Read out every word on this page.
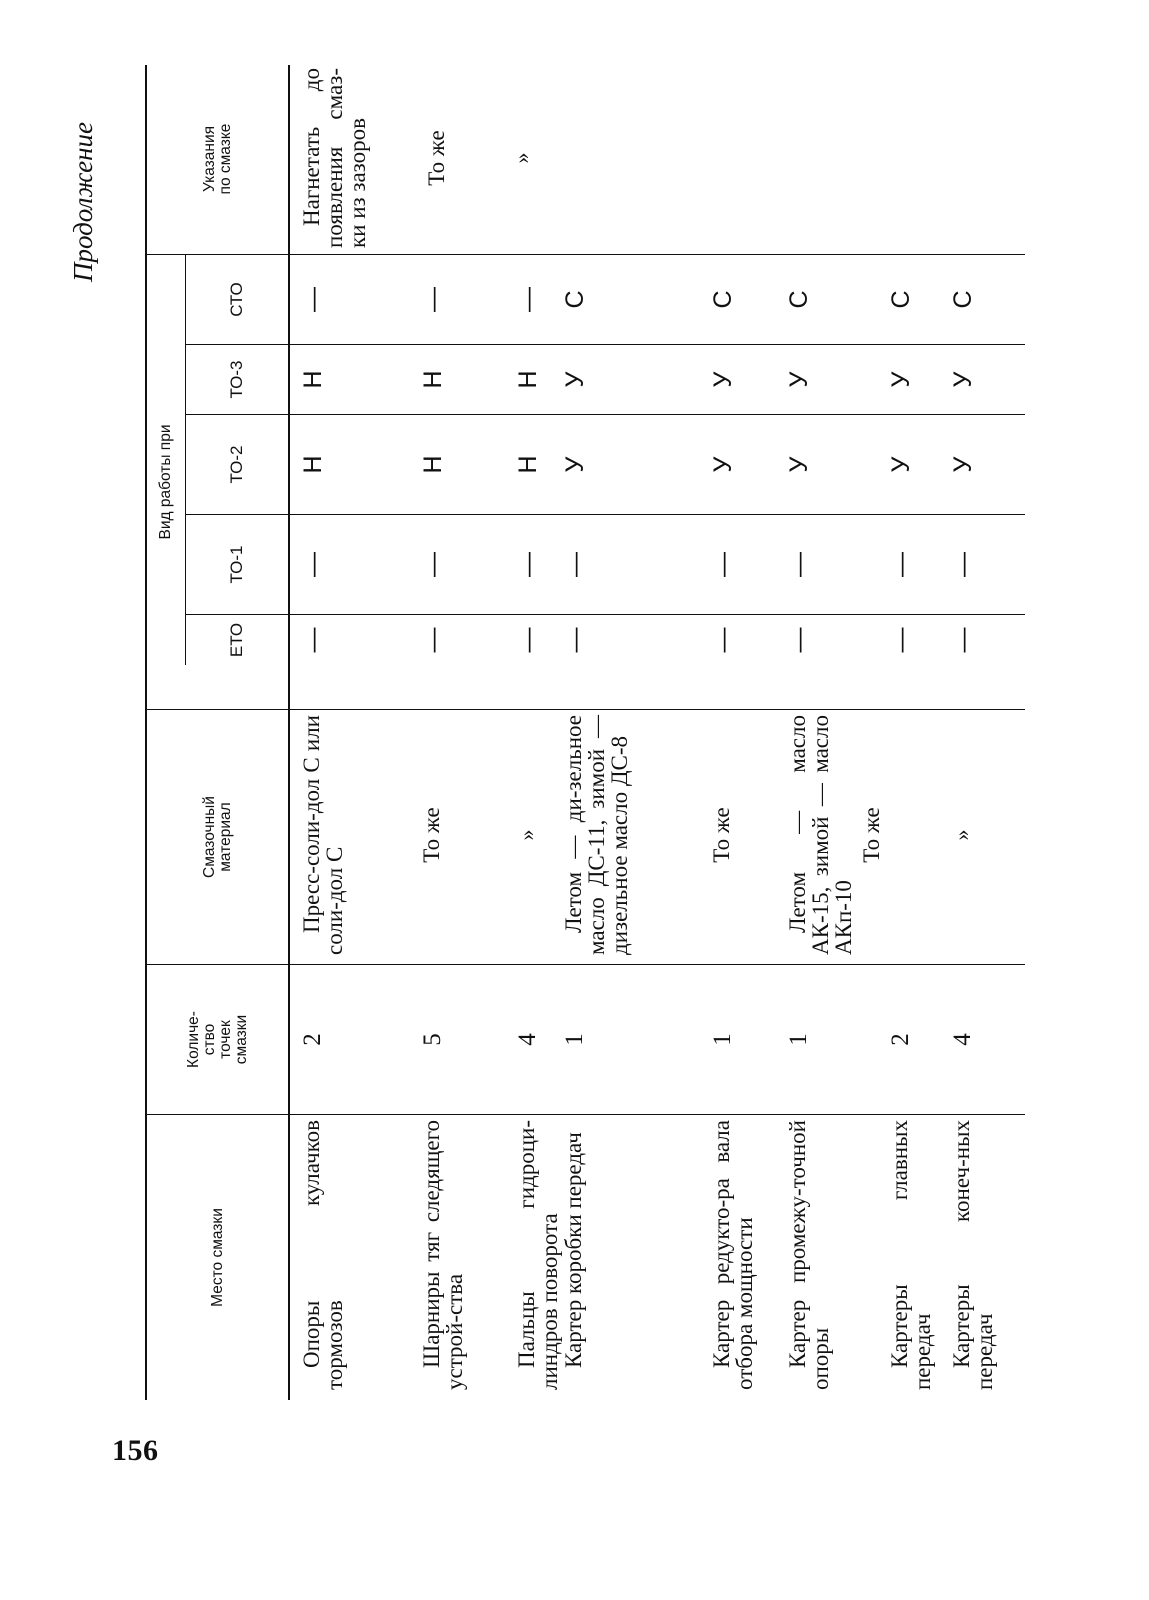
156
Продолжение
Место смазки
Количе-
ство
точек
смазки
Смазочный
материал
Вид работы при
ЕТО
ТО-1
ТО-2
ТО-3
СТО
Указания
по смазке
Опоры кулачков тормозов
2
Пресс-соли-дол С или соли-дол С
—
—
Н
Н
—
Нагнетать до появления смаз-ки из зазоров
Шарниры тяг следящего устрой-ства
5
То же
—
—
Н
Н
—
То же
Пальцы гидроци-линдров поворота
4
»
—
—
Н
Н
—
»
Картер коробки передач
1
Летом — ди-зельное масло ДС-11, зимой — дизельное масло ДС-8
—
—
У
У
С
Картер редукто-ра вала отбора мощности
1
То же
—
—
У
У
С
Картер промежу-точной опоры
1
Летом — масло АК-15, зимой — масло АКп-10
—
—
У
У
С
Картеры главных передач
2
То же
—
—
У
У
С
Картеры конеч-ных передач
4
»
—
—
У
У
С
